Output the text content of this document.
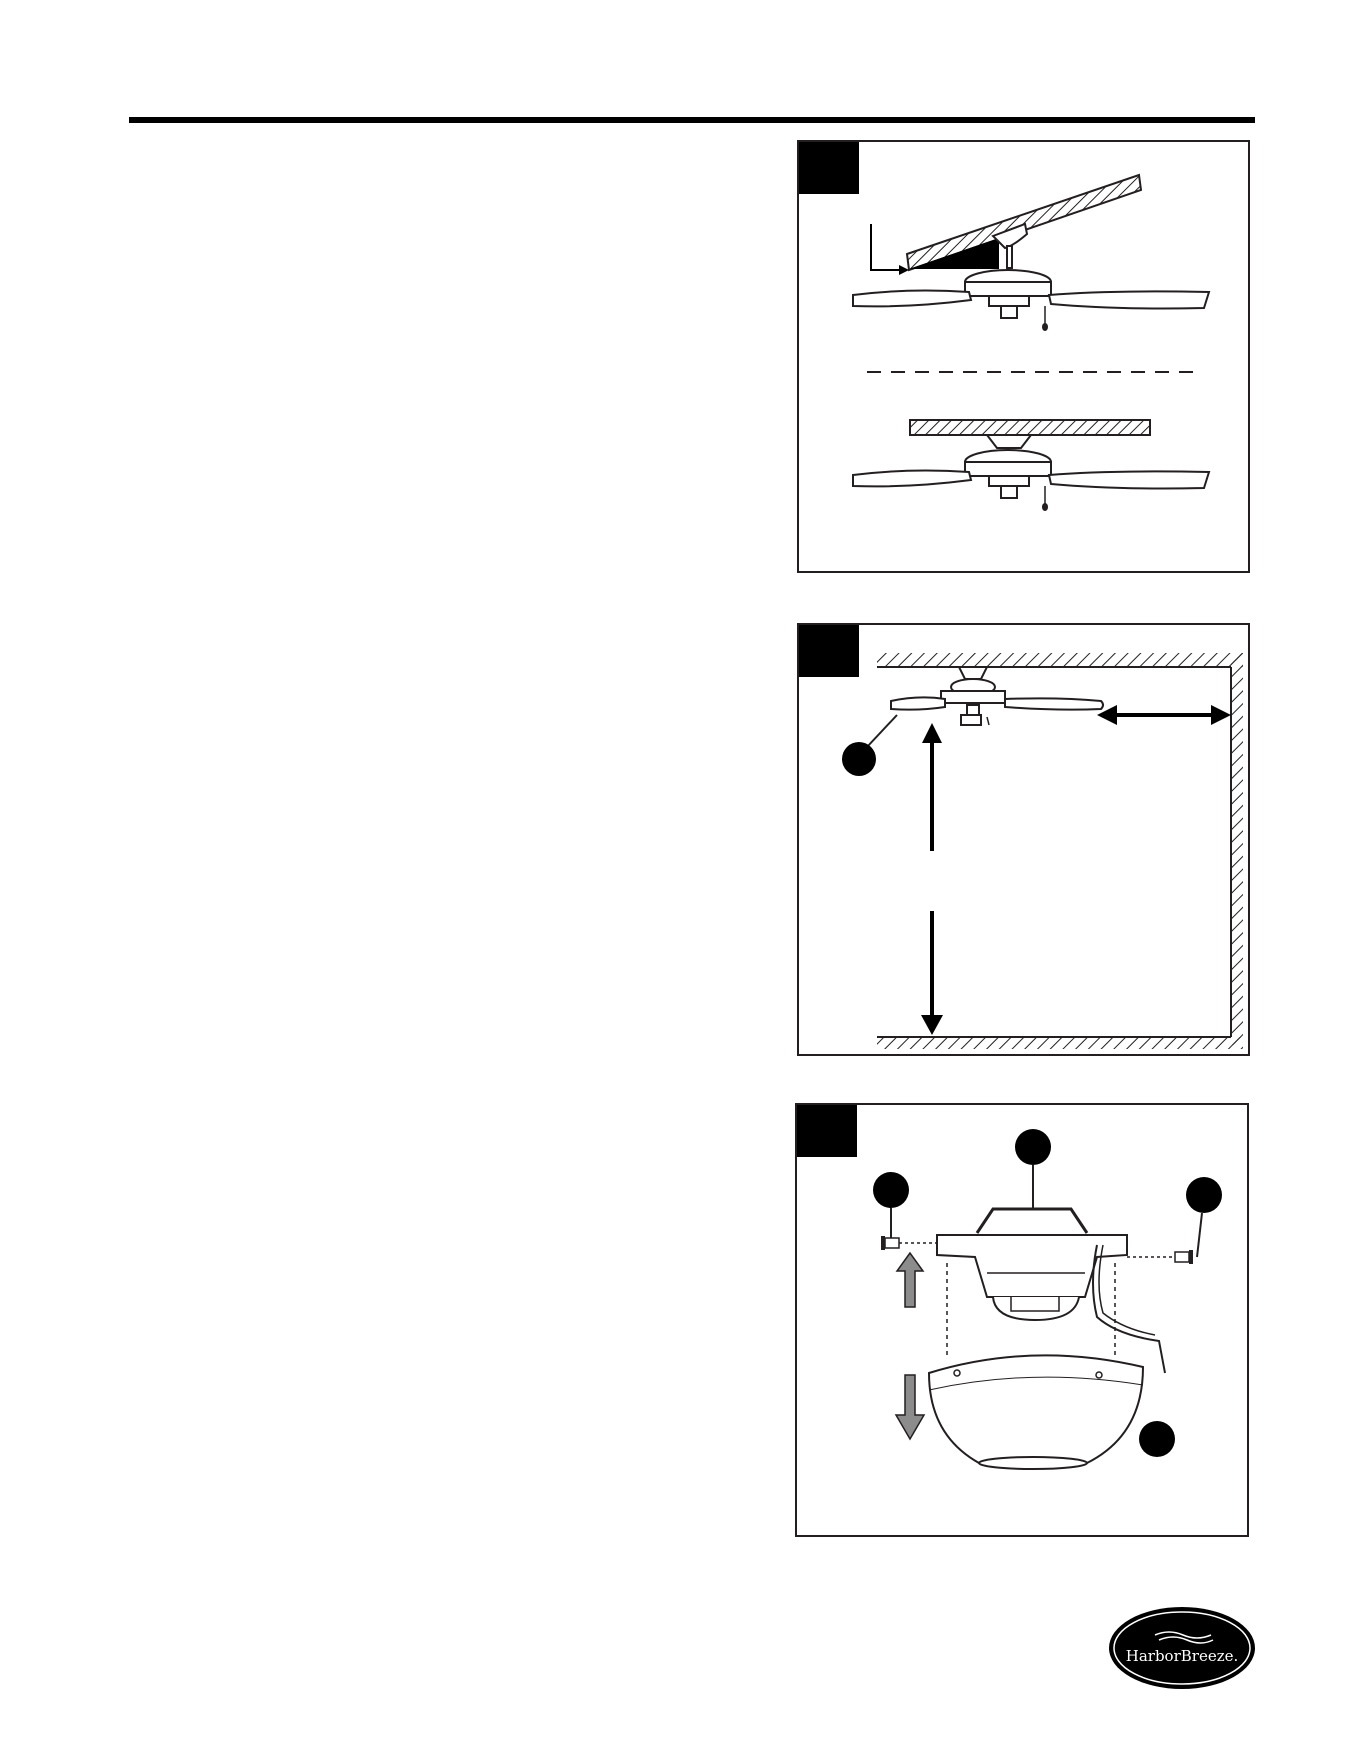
HarborBreeze.
